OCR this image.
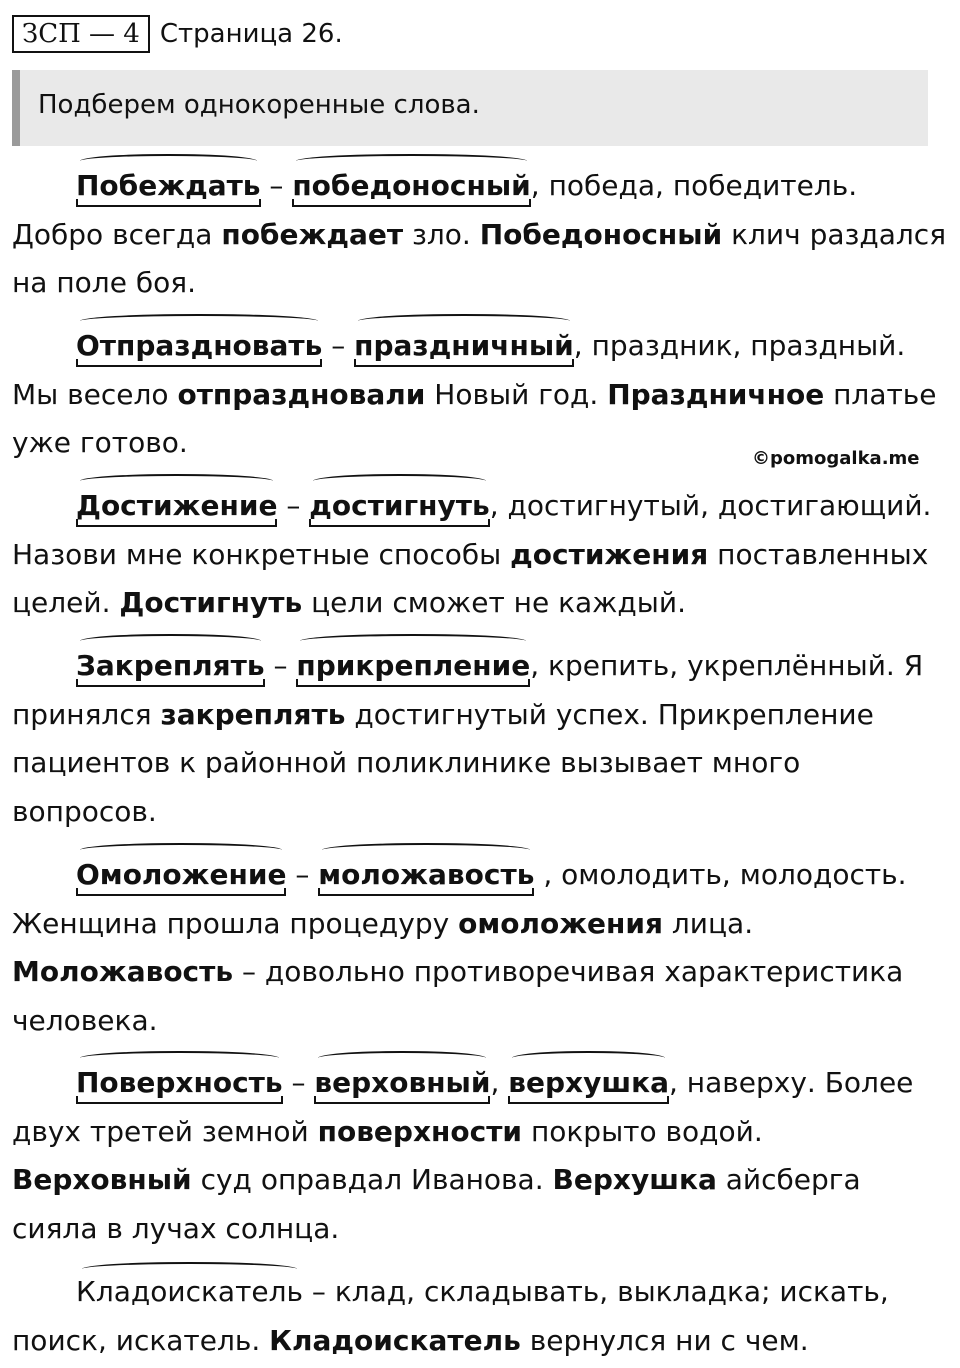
ЗСП — 4 Страница 26.
Подберем однокоренные слова.
©pomogalka.me

Побеждать – победоносный, победа, победитель.

Добро всегда побеждает зло. Победоносный клич раздался

на поле боя.

Отпраздновать – праздничный, праздник, праздный.

Мы весело отпраздновали Новый год. Праздничное платье

уже готово.

Достижение – достигнуть, достигнутый, достигающий.

Назови мне конкретные способы достижения поставленных

целей. Достигнуть цели сможет не каждый.

Закреплять – прикрепление, крепить, укреплённый. Я

принялся закреплять достигнутый успех. Прикрепление

пациентов к районной поликлинике вызывает много

вопросов.

Омоложение – моложавость , омолодить, молодость.

Женщина прошла процедуру омоложения лица.

Моложавость – довольно противоречивая характеристика

человека.

Поверхность – верховный, верхушка, наверху. Более

двух третей земной поверхности покрыто водой.

Верховный суд оправдал Иванова. Верхушка айсберга

сияла в лучах солнца.

Кладоискатель – клад, складывать, выкладка; искать,

поиск, искатель. Кладоискатель вернулся ни с чем.
